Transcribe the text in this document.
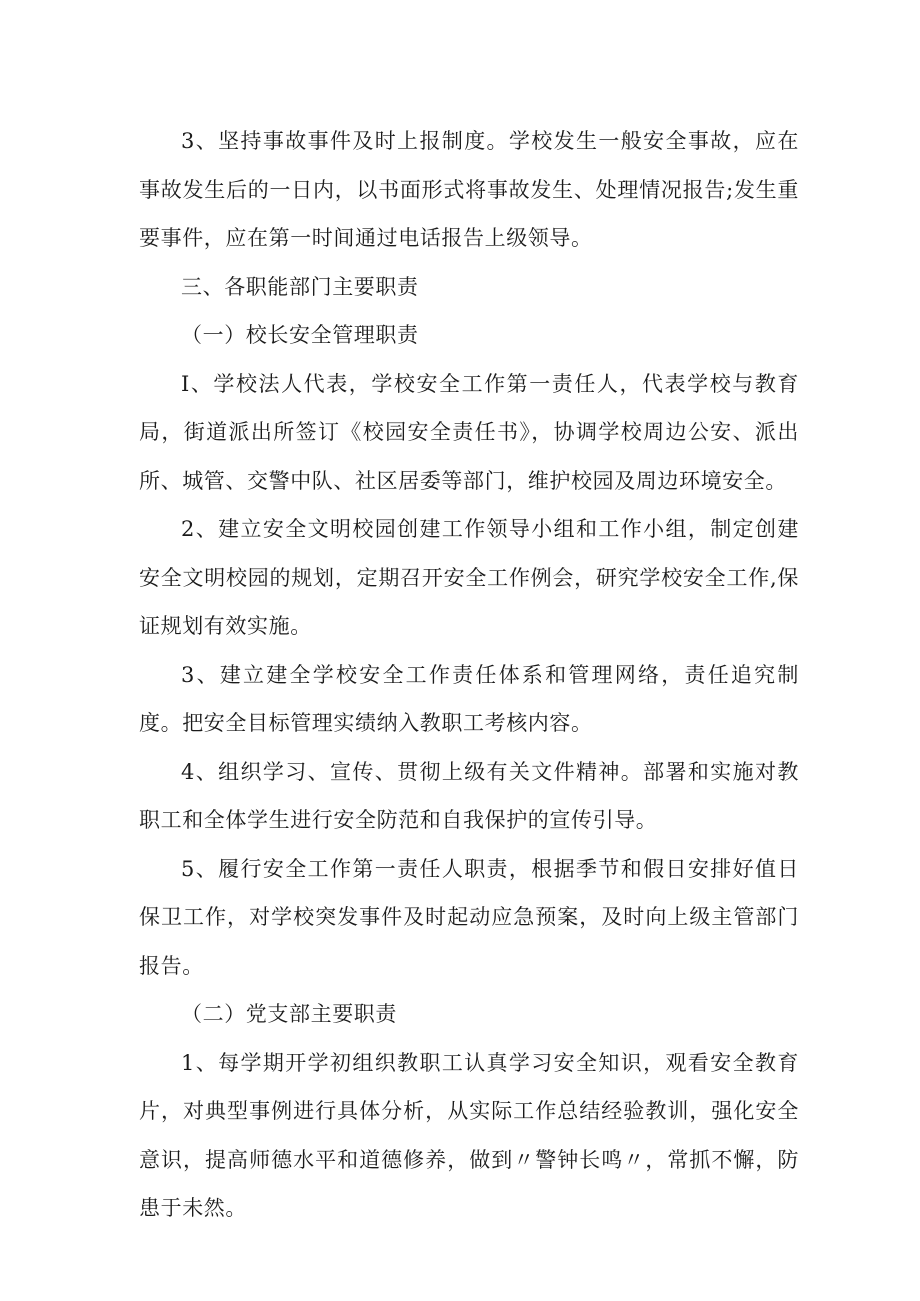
3、坚持事故事件及时上报制度。学校发生一般安全事故，应在事故发生后的一日内，以书面形式将事故发生、处理情况报告;发生重要事件，应在第一时间通过电话报告上级领导。

三、各职能部门主要职责

（一）校长安全管理职责

I、学校法人代表，学校安全工作第一责任人，代表学校与教育局，街道派出所签订《校园安全责任书》，协调学校周边公安、派出所、城管、交警中队、社区居委等部门，维护校园及周边环境安全。

2、建立安全文明校园创建工作领导小组和工作小组，制定创建安全文明校园的规划，定期召开安全工作例会，研究学校安全工作,保证规划有效实施。

3、建立建全学校安全工作责任体系和管理网络，责任追究制度。把安全目标管理实绩纳入教职工考核内容。

4、组织学习、宣传、贯彻上级有关文件精神。部署和实施对教职工和全体学生进行安全防范和自我保护的宣传引导。

5、履行安全工作第一责任人职责，根据季节和假日安排好值日保卫工作，对学校突发事件及时起动应急预案，及时向上级主管部门报告。

（二）党支部主要职责

1、每学期开学初组织教职工认真学习安全知识，观看安全教育片，对典型事例进行具体分析，从实际工作总结经验教训，强化安全意识，提高师德水平和道德修养，做到〃警钟长鸣〃，常抓不懈，防患于未然。
